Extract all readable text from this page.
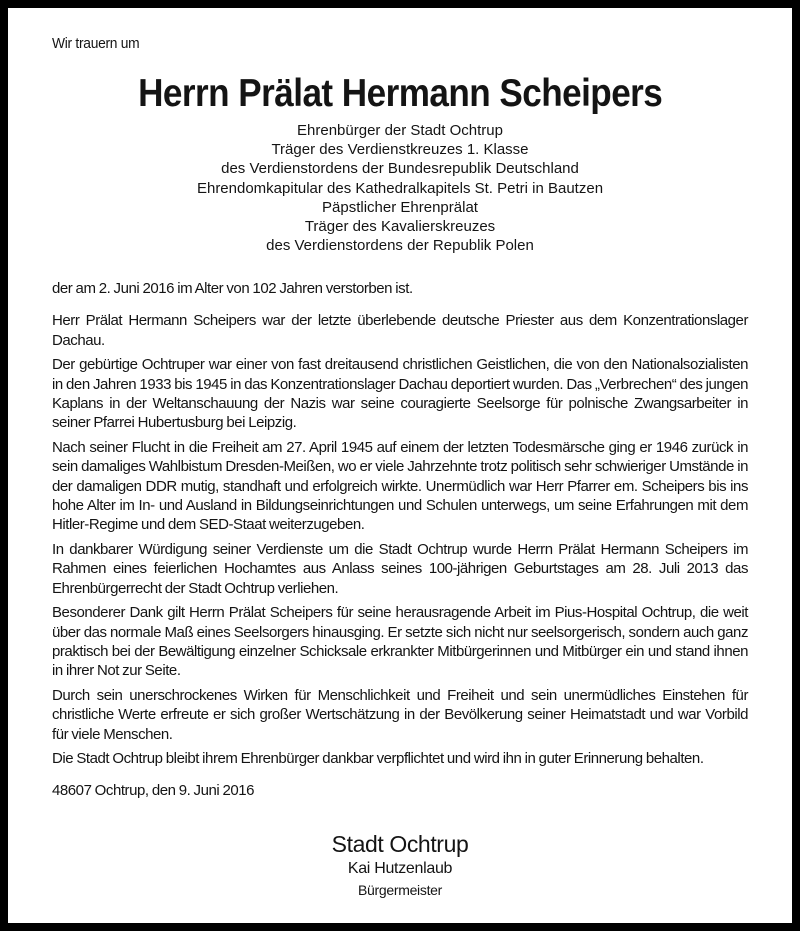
Wir trauern um
Herrn Prälat Hermann Scheipers
Ehrenbürger der Stadt Ochtrup
Träger des Verdienstkreuzes 1. Klasse
des Verdienstordens der Bundesrepublik Deutschland
Ehrendomkapitular des Kathedralkapitels St. Petri in Bautzen
Päpstlicher Ehrenprälat
Träger des Kavalierskreuzes
des Verdienstordens der Republik Polen

der am 2. Juni 2016 im Alter von 102 Jahren verstorben ist.

Herr Prälat Hermann Scheipers war der letzte überlebende deutsche Priester aus dem Konzentrationslager Dachau.

Der gebürtige Ochtruper war einer von fast dreitausend christlichen Geistlichen, die von den Nationalsozialisten in den Jahren 1933 bis 1945 in das Konzentrationslager Dachau deportiert wurden. Das „Verbrechen“ des jungen Kaplans in der Weltanschauung der Nazis war seine couragierte Seelsorge für polnische Zwangsarbeiter in seiner Pfarrei Hubertusburg bei Leipzig.

Nach seiner Flucht in die Freiheit am 27. April 1945 auf einem der letzten Todesmärsche ging er 1946 zurück in sein damaliges Wahlbistum Dresden-Meißen, wo er viele Jahrzehnte trotz politisch sehr schwieriger Umstände in der damaligen DDR mutig, standhaft und erfolgreich wirkte. Unermüdlich war Herr Pfarrer em. Scheipers bis ins hohe Alter im In- und Ausland in Bildungseinrichtungen und Schulen unterwegs, um seine Erfahrungen mit dem Hitler-Regime und dem SED-Staat weiterzugeben.

In dankbarer Würdigung seiner Verdienste um die Stadt Ochtrup wurde Herrn Prälat Hermann Scheipers im Rahmen eines feierlichen Hochamtes aus Anlass seines 100-jährigen Geburtstages am 28. Juli 2013 das Ehrenbürgerrecht der Stadt Ochtrup verliehen.

Besonderer Dank gilt Herrn Prälat Scheipers für seine herausragende Arbeit im Pius-Hospital Ochtrup, die weit über das normale Maß eines Seelsorgers hinausging. Er setzte sich nicht nur seelsorgerisch, sondern auch ganz praktisch bei der Bewältigung einzelner Schicksale erkrankter Mitbürgerinnen und Mitbürger ein und stand ihnen in ihrer Not zur Seite.

Durch sein unerschrockenes Wirken für Menschlichkeit und Freiheit und sein unermüdliches Einstehen für christliche Werte erfreute er sich großer Wertschätzung in der Bevölkerung seiner Heimatstadt und war Vorbild für viele Menschen.

Die Stadt Ochtrup bleibt ihrem Ehrenbürger dankbar verpflichtet und wird ihn in guter Erinnerung behalten.

48607 Ochtrup, den 9. Juni 2016

Stadt Ochtrup
Kai Hutzenlaub
Bürgermeister
